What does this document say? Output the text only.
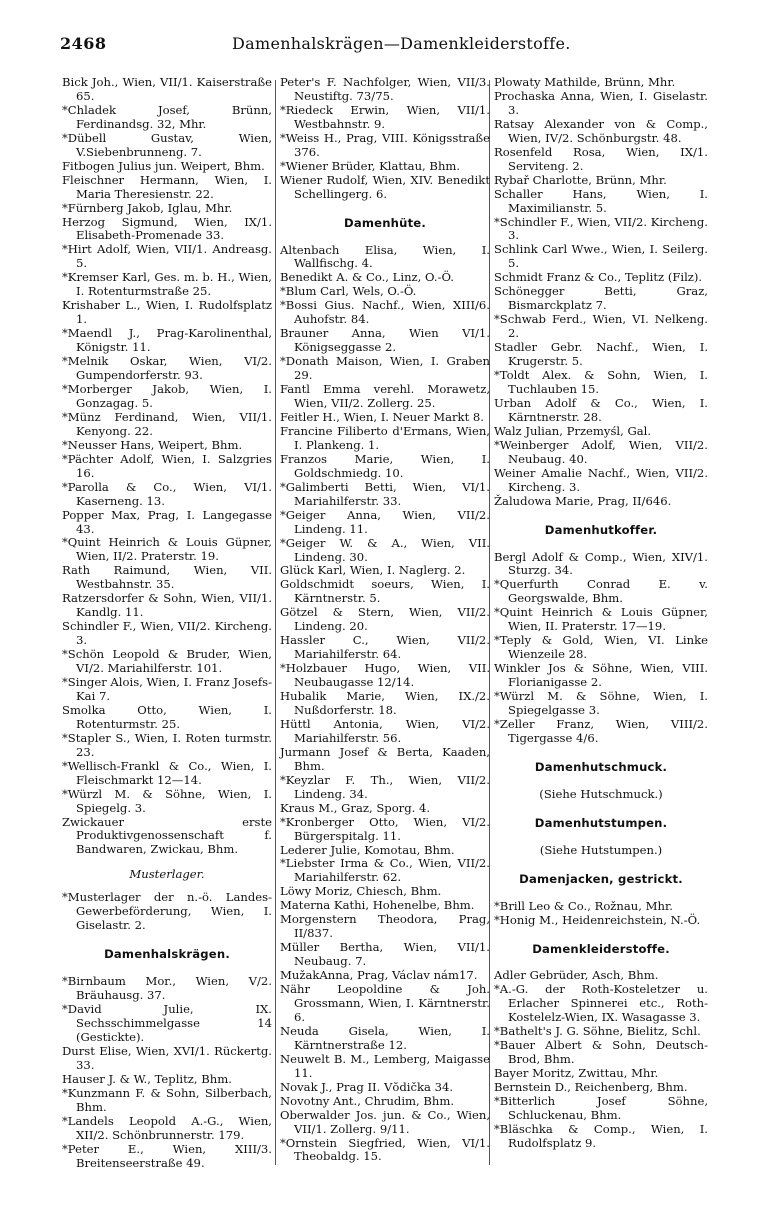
2468	Damenhalskrägen—Damenkleiderstoffe.
Bick Joh., Wien, VII/1. Kaiserstraße 65.
*Chladek Josef, Brünn, Ferdinandsg. 32, Mhr.
*Dübell Gustav, Wien, V.Siebenbrunneng. 7.
Fitbogen Julius jun. Weipert, Bhm.
Fleischner Hermann, Wien, I. Maria Theresienstr. 22.
*Fürnberg Jakob, Iglau, Mhr.
Herzog Sigmund, Wien, IX/1. Elisabeth-Promenade 33.
*Hirt Adolf, Wien, VII/1. Andreasg. 5.
*Kremser Karl, Ges. m. b. H., Wien, I. Rotenturmstraße 25.
Krishaber L., Wien, I. Rudolfsplatz 1.
*Maendl J., Prag-Karolinenthal, Königstr. 11.
*Melnik Oskar, Wien, VI/2. Gumpendorferstr. 93.
*Morberger Jakob, Wien, I. Gonzagag. 5.
*Münz Ferdinand, Wien, VII/1. Kenyong. 22.
*Neusser Hans, Weipert, Bhm.
*Pächter Adolf, Wien, I. Salzgries 16.
*Parolla & Co., Wien, VI/1. Kaserneng. 13.
Popper Max, Prag, I. Langegasse 43.
*Quint Heinrich & Louis Güpner, Wien, II/2. Praterstr. 19.
Rath Raimund, Wien, VII. Westbahnstr. 35.
Ratzersdorfer & Sohn, Wien, VII/1. Kandlg. 11.
Schindler F., Wien, VII/2. Kircheng. 3.
*Schön Leopold & Bruder, Wien, VI/2. Mariahilferstr. 101.
*Singer Alois, Wien, I. Franz Josefs-Kai 7.
Smolka Otto, Wien, I. Rotenturmstr. 25.
*Stapler S., Wien, I. Roten turmstr. 23.
*Wellisch-Frankl & Co., Wien, I. Fleischmarkt 12—14.
*Würzl M. & Söhne, Wien, I. Spiegelg. 3.
Zwickauer erste Produktivgenossenschaft f. Bandwaren, Zwickau, Bhm.
Musterlager.
*Musterlager der n.-ö. Landes-Gewerbeförderung, Wien, I. Giselastr. 2.
Damenhalskrägen.
*Birnbaum Mor., Wien, V/2. Bräuhausg. 37.
*David Julie, IX. Sechsschimmelgasse 14 (Gestickte).
Durst Elise, Wien, XVI/1. Rückertg. 33.
Hauser J. & W., Teplitz, Bhm.
*Kunzmann F. & Sohn, Silberbach, Bhm.
*Landels Leopold A.-G., Wien, XII/2. Schönbrunnerstr. 179.
*Peter E., Wien, XIII/3. Breitenseerstraße 49.
Peter's F. Nachfolger, Wien, VII/3. Neustiftg. 73/75.
*Riedeck Erwin, Wien, VII/1. Westbahnstr. 9.
*Weiss H., Prag, VIII. Königsstraße 376.
*Wiener Brüder, Klattau, Bhm.
Wiener Rudolf, Wien, XIV. Benedikt Schellingerg. 6.
Damenhüte.
Altenbach Elisa, Wien, I. Wallfischg. 4.
Benedikt A. & Co., Linz, O.-Ö.
*Blum Carl, Wels, O.-Ö.
*Bossi Gius. Nachf., Wien, XIII/6. Auhofstr. 84.
Brauner Anna, Wien VI/1. Königseggasse 2.
*Donath Maison, Wien, I. Graben 29.
Fantl Emma verehl. Morawetz, Wien, VII/2. Zollerg. 25.
Feitler H., Wien, I. Neuer Markt 8.
Francine Filiberto d'Ermans, Wien, I. Plankeng. 1.
Franzos Marie, Wien, I. Goldschmiedg. 10.
*Galimberti Betti, Wien, VI/1. Mariahilferstr. 33.
*Geiger Anna, Wien, VII/2. Lindeng. 11.
*Geiger W. & A., Wien, VII. Lindeng. 30.
Glück Karl, Wien, I. Naglerg. 2.
Goldschmidt soeurs, Wien, I. Kärntnerstr. 5.
Götzel & Stern, Wien, VII/2. Lindeng. 20.
Hassler C., Wien, VII/2. Mariahilferstr. 64.
*Holzbauer Hugo, Wien, VII. Neubaugasse 12/14.
Hubalik Marie, Wien, IX./2. Nußdorferstr. 18.
Hüttl Antonia, Wien, VI/2. Mariahilferstr. 56.
Jurmann Josef & Berta, Kaaden, Bhm.
*Keyzlar F. Th., Wien, VII/2. Lindeng. 34.
Kraus M., Graz, Sporg. 4.
*Kronberger Otto, Wien, VI/2. Bürgerspitalg. 11.
Lederer Julie, Komotau, Bhm.
*Liebster Irma & Co., Wien, VII/2. Mariahilferstr. 62.
Löwy Moriz, Chiesch, Bhm.
Materna Kathi, Hohenelbe, Bhm.
Morgenstern Theodora, Prag, II/837.
Müller Bertha, Wien, VII/1. Neubaug. 7.
MužakAnna, Prag, Václav nám17.
Nähr Leopoldine & Joh. Grossmann, Wien, I. Kärntnerstr. 6.
Neuda Gisela, Wien, I. Kärntnerstraße 12.
Neuwelt B. M., Lemberg, Maigasse 11.
Novak J., Prag II. Vŏdička 34.
Novotny Ant., Chrudim, Bhm.
Oberwalder Jos. jun. & Co., Wien, VII/1. Zollerg. 9/11.
*Ornstein Siegfried, Wien, VI/1. Theobaldg. 15.
Plowaty Mathilde, Brünn, Mhr.
Prochaska Anna, Wien, I. Giselastr. 3.
Ratsay Alexander von & Comp., Wien, IV/2. Schönburgstr. 48.
Rosenfeld Rosa, Wien, IX/1. Serviteng. 2.
Rybař Charlotte, Brünn, Mhr.
Schaller Hans, Wien, I. Maximilianstr. 5.
*Schindler F., Wien, VII/2. Kircheng. 3.
Schlink Carl Wwe., Wien, I. Seilerg. 5.
Schmidt Franz & Co., Teplitz (Filz).
Schönegger Betti, Graz, Bismarckplatz 7.
*Schwab Ferd., Wien, VI. Nelkeng. 2.
Stadler Gebr. Nachf., Wien, I. Krugerstr. 5.
*Toldt Alex. & Sohn, Wien, I. Tuchlauben 15.
Urban Adolf & Co., Wien, I. Kärntnerstr. 28.
Walz Julian, Przemyśl, Gal.
*Weinberger Adolf, Wien, VII/2. Neubaug. 40.
Weiner Amalie Nachf., Wien, VII/2. Kircheng. 3.
Žaludowa Marie, Prag, II/646.
Damenhutkoffer.
Bergl Adolf & Comp., Wien, XIV/1. Sturzg. 34.
*Querfurth Conrad E. v. Georgswalde, Bhm.
*Quint Heinrich & Louis Güpner, Wien, II. Praterstr. 17—19.
*Teply & Gold, Wien, VI. Linke Wienzeile 28.
Winkler Jos & Söhne, Wien, VIII. Florianigasse 2.
*Würzl M. & Söhne, Wien, I. Spiegelgasse 3.
*Zeller Franz, Wien, VIII/2. Tigergasse 4/6.
Damenhutschmuck.
(Siehe Hutschmuck.)
Damenhutstumpen.
(Siehe Hutstumpen.)
Damenjacken, gestrickt.
*Brill Leo & Co., Rožnau, Mhr.
*Honig M., Heidenreichstein, N.-Ö.
Damenkleiderstoffe.
Adler Gebrüder, Asch, Bhm.
*A.-G. der Roth-Kosteletzer u. Erlacher Spinnerei etc., Roth-Kostelelz-Wien, IX. Wasagasse 3.
*Bathelt's J. G. Söhne, Bielitz, Schl.
*Bauer Albert & Sohn, Deutsch-Brod, Bhm.
Bayer Moritz, Zwittau, Mhr.
Bernstein D., Reichenberg, Bhm.
*Bitterlich Josef Söhne, Schluckenau, Bhm.
*Bläschka & Comp., Wien, I. Rudolfsplatz 9.
